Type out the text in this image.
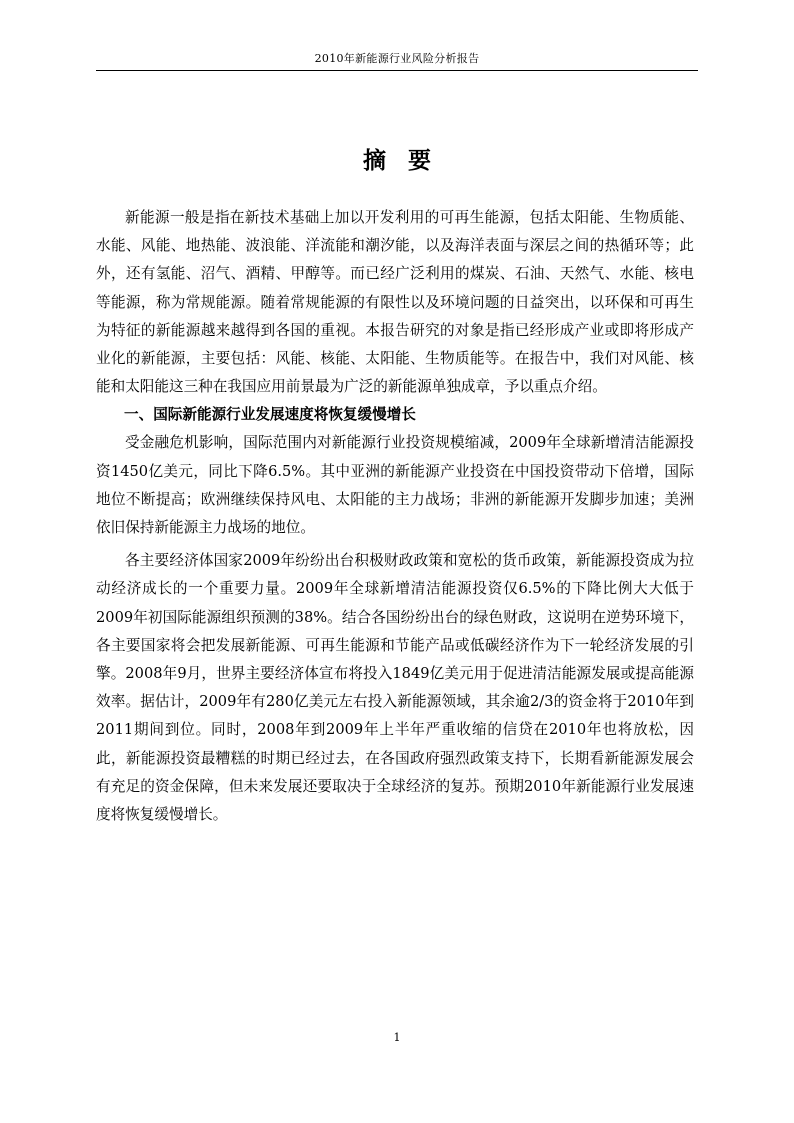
2010年新能源行业风险分析报告
摘要

新能源一般是指在新技术基础上加以开发利用的可再生能源，包括太阳能、生物质能、水能、风能、地热能、波浪能、洋流能和潮汐能，以及海洋表面与深层之间的热循环等；此外，还有氢能、沼气、酒精、甲醇等。而已经广泛利用的煤炭、石油、天然气、水能、核电等能源，称为常规能源。随着常规能源的有限性以及环境问题的日益突出，以环保和可再生为特征的新能源越来越得到各国的重视。本报告研究的对象是指已经形成产业或即将形成产业化的新能源，主要包括：风能、核能、太阳能、生物质能等。在报告中，我们对风能、核能和太阳能这三种在我国应用前景最为广泛的新能源单独成章，予以重点介绍。

一、国际新能源行业发展速度将恢复缓慢增长

受金融危机影响，国际范围内对新能源行业投资规模缩减，2009年全球新增清洁能源投资1450亿美元，同比下降6.5%。其中亚洲的新能源产业投资在中国投资带动下倍增，国际地位不断提高；欧洲继续保持风电、太阳能的主力战场；非洲的新能源开发脚步加速；美洲依旧保持新能源主力战场的地位。

各主要经济体国家2009年纷纷出台积极财政政策和宽松的货币政策，新能源投资成为拉动经济成长的一个重要力量。2009年全球新增清洁能源投资仅6.5%的下降比例大大低于2009年初国际能源组织预测的38%。结合各国纷纷出台的绿色财政，这说明在逆势环境下，各主要国家将会把发展新能源、可再生能源和节能产品或低碳经济作为下一轮经济发展的引擎。2008年9月，世界主要经济体宣布将投入1849亿美元用于促进清洁能源发展或提高能源效率。据估计，2009年有280亿美元左右投入新能源领域，其余逾2/3的资金将于2010年到2011期间到位。同时，2008年到2009年上半年严重收缩的信贷在2010年也将放松，因此，新能源投资最糟糕的时期已经过去，在各国政府强烈政策支持下，长期看新能源发展会有充足的资金保障，但未来发展还要取决于全球经济的复苏。预期2010年新能源行业发展速度将恢复缓慢增长。

1
